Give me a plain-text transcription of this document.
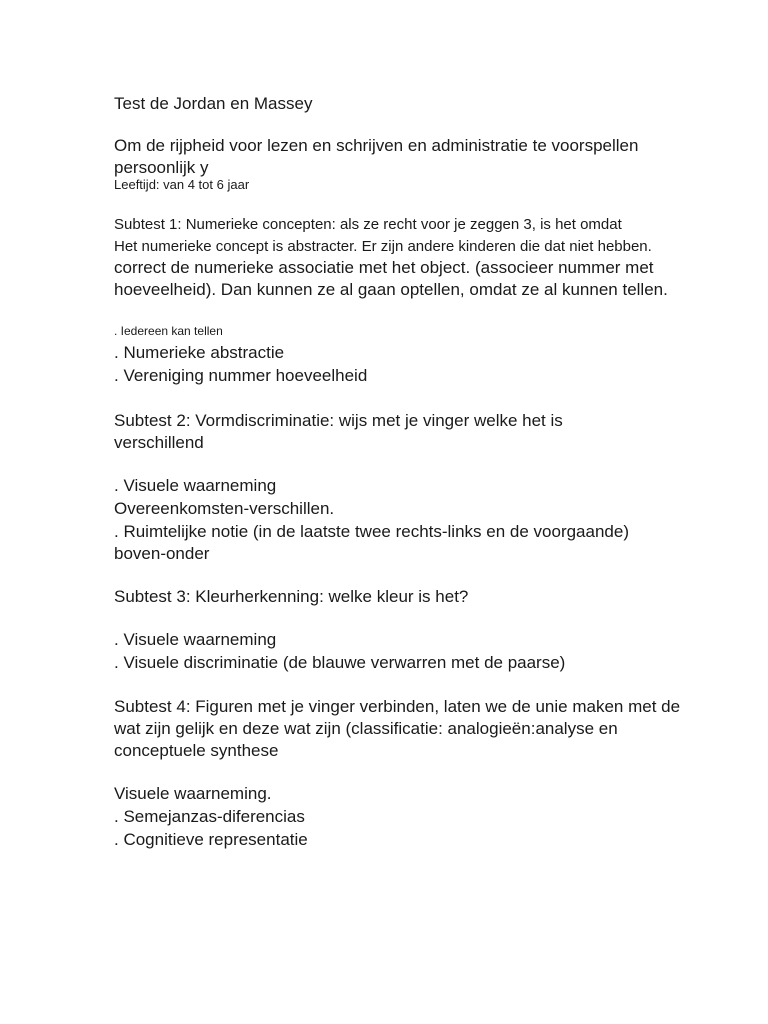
Test de Jordan en Massey

Om de rijpheid voor lezen en schrijven en administratie te voorspellen

persoonlijk y

Leeftijd: van 4 tot 6 jaar

Subtest 1: Numerieke concepten: als ze recht voor je zeggen 3, is het omdat

Het numerieke concept is abstracter. Er zijn andere kinderen die dat niet hebben.

correct de numerieke associatie met het object. (associeer nummer met

hoeveelheid). Dan kunnen ze al gaan optellen, omdat ze al kunnen tellen.

. Iedereen kan tellen

. Numerieke abstractie

. Vereniging nummer hoeveelheid

Subtest 2: Vormdiscriminatie: wijs met je vinger welke het is

verschillend

. Visuele waarneming

Overeenkomsten-verschillen.

. Ruimtelijke notie (in de laatste twee rechts-links en de voorgaande)

boven-onder

Subtest 3: Kleurherkenning: welke kleur is het?

. Visuele waarneming

. Visuele discriminatie (de blauwe verwarren met de paarse)

Subtest 4: Figuren met je vinger verbinden, laten we de unie maken met de

wat zijn gelijk en deze wat zijn (classificatie: analogieën:analyse en

conceptuele synthese

Visuele waarneming.

. Semejanzas-diferencias

. Cognitieve representatie
